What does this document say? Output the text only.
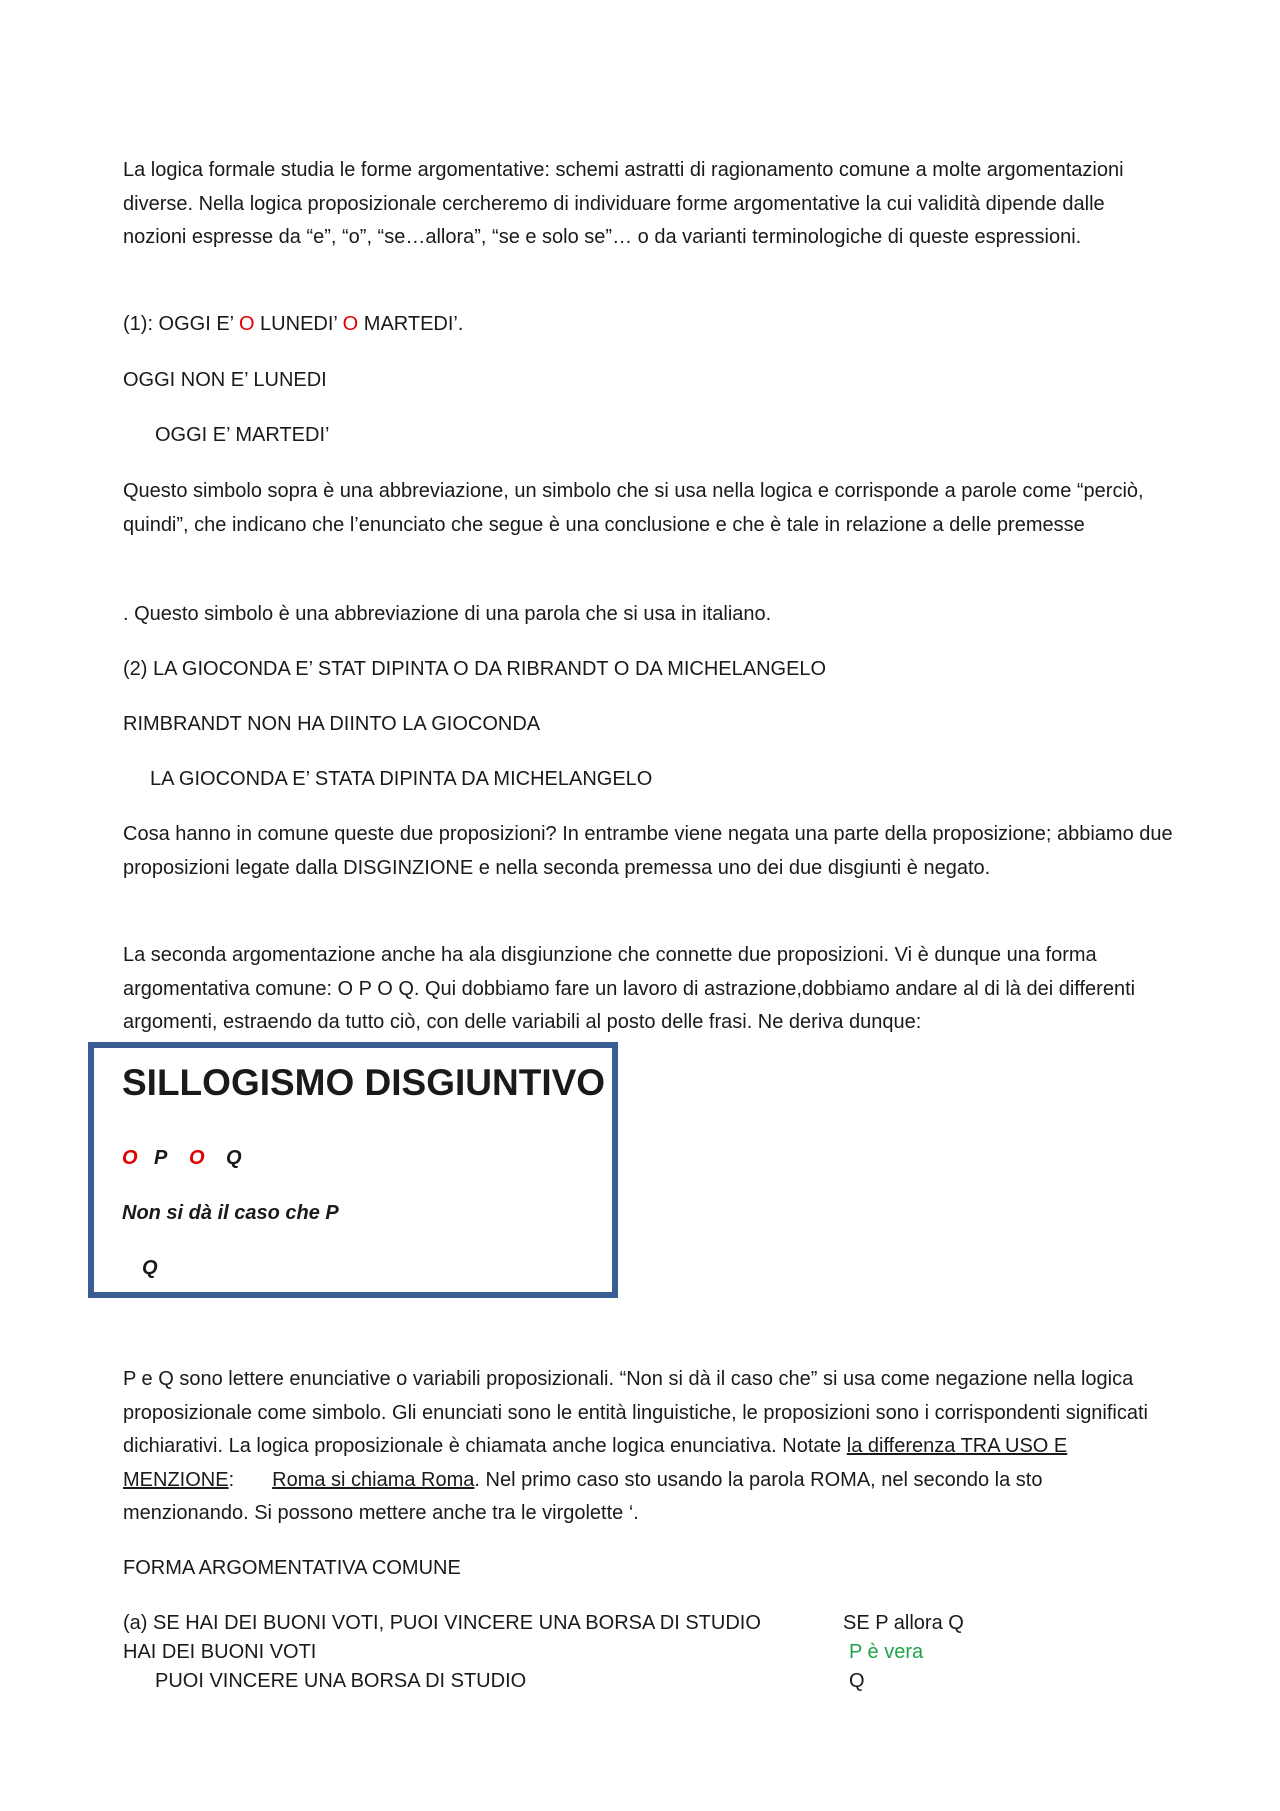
La logica formale studia le forme argomentative: schemi astratti di ragionamento comune a molte argomentazioni diverse. Nella logica proposizionale cercheremo di individuare forme argomentative la cui validità dipende dalle nozioni espresse da “e”, “o”, “se…allora”, “se e solo se”… o da varianti terminologiche di queste espressioni.

(1): OGGI E’ O LUNEDI’ O MARTEDI’.
OGGI NON E’ LUNEDI
OGGI E’ MARTEDI’

Questo simbolo sopra è una abbreviazione, un simbolo che si usa nella logica e corrisponde a parole come “perciò, quindi”, che indicano che l’enunciato che segue è una conclusione e che è tale in relazione a delle premesse

. Questo simbolo è una abbreviazione di una parola che si usa in italiano.
(2) LA GIOCONDA E’ STAT DIPINTA O DA RIBRANDT O DA MICHELANGELO
RIMBRANDT NON HA DIINTO LA GIOCONDA
LA GIOCONDA E’ STATA DIPINTA DA MICHELANGELO

Cosa hanno in comune queste due proposizioni? In entrambe viene negata una parte della proposizione; abbiamo due proposizioni legate dalla DISGINZIONE e nella seconda premessa uno dei due disgiunti è negato.

La seconda argomentazione anche ha ala disgiunzione che connette due proposizioni. Vi è dunque una forma argomentativa comune: O P O Q. Qui dobbiamo fare un lavoro di astrazione,dobbiamo andare al di là dei differenti argomenti, estraendo da tutto ciò, con delle variabili al posto delle frasi. Ne deriva dunque:

SILLOGISMO DISGIUNTIVO
O P O Q
Non si dà il caso che P
Q

P e Q sono lettere enunciative o variabili proposizionali. “Non si dà il caso che” si usa come negazione nella logica proposizionale come simbolo. Gli enunciati sono le entità linguistiche, le proposizioni sono i corrispondenti significati dichiarativi. La logica proposizionale è chiamata anche logica enunciativa. Notate la differenza TRA USO E MENZIONE: Roma si chiama Roma. Nel primo caso sto usando la parola ROMA, nel secondo la sto menzionando. Si possono mettere anche tra le virgolette ‘.

FORMA ARGOMENTATIVA COMUNE
(a) SE HAI DEI BUONI VOTI, PUOI VINCERE UNA BORSA DI STUDIO
HAI DEI BUONI VOTI
PUOI VINCERE UNA BORSA DI STUDIO
SE P allora Q
P è vera
Q
